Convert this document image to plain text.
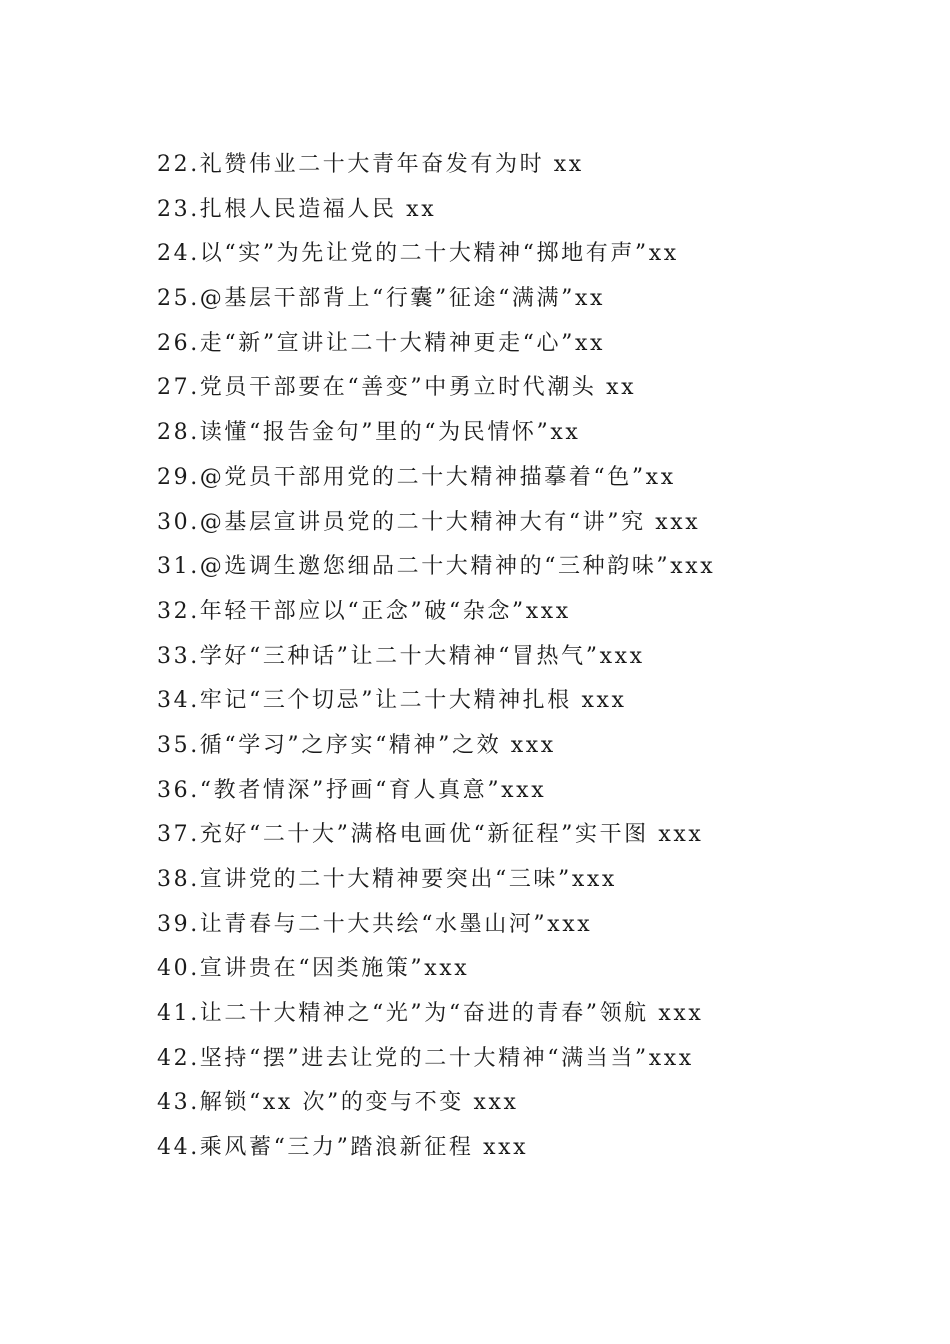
22.礼赞伟业二十大青年奋发有为时 xx
23.扎根人民造福人民 xx
24.以“实”为先让党的二十大精神“掷地有声”xx
25.@基层干部背上“行囊”征途“满满”xx
26.走“新”宣讲让二十大精神更走“心”xx
27.党员干部要在“善变”中勇立时代潮头 xx
28.读懂“报告金句”里的“为民情怀”xx
29.@党员干部用党的二十大精神描摹着“色”xx
30.@基层宣讲员党的二十大精神大有“讲”究 xxx
31.@选调生邀您细品二十大精神的“三种韵味”xxx
32.年轻干部应以“正念”破“杂念”xxx
33.学好“三种话”让二十大精神“冒热气”xxx
34.牢记“三个切忌”让二十大精神扎根 xxx
35.循“学习”之序实“精神”之效 xxx
36.“教者情深”抒画“育人真意”xxx
37.充好“二十大”满格电画优“新征程”实干图 xxx
38.宣讲党的二十大精神要突出“三味”xxx
39.让青春与二十大共绘“水墨山河”xxx
40.宣讲贵在“因类施策”xxx
41.让二十大精神之“光”为“奋进的青春”领航 xxx
42.坚持“摆”进去让党的二十大精神“满当当”xxx
43.解锁“xx 次”的变与不变 xxx
44.乘风蓄“三力”踏浪新征程 xxx
